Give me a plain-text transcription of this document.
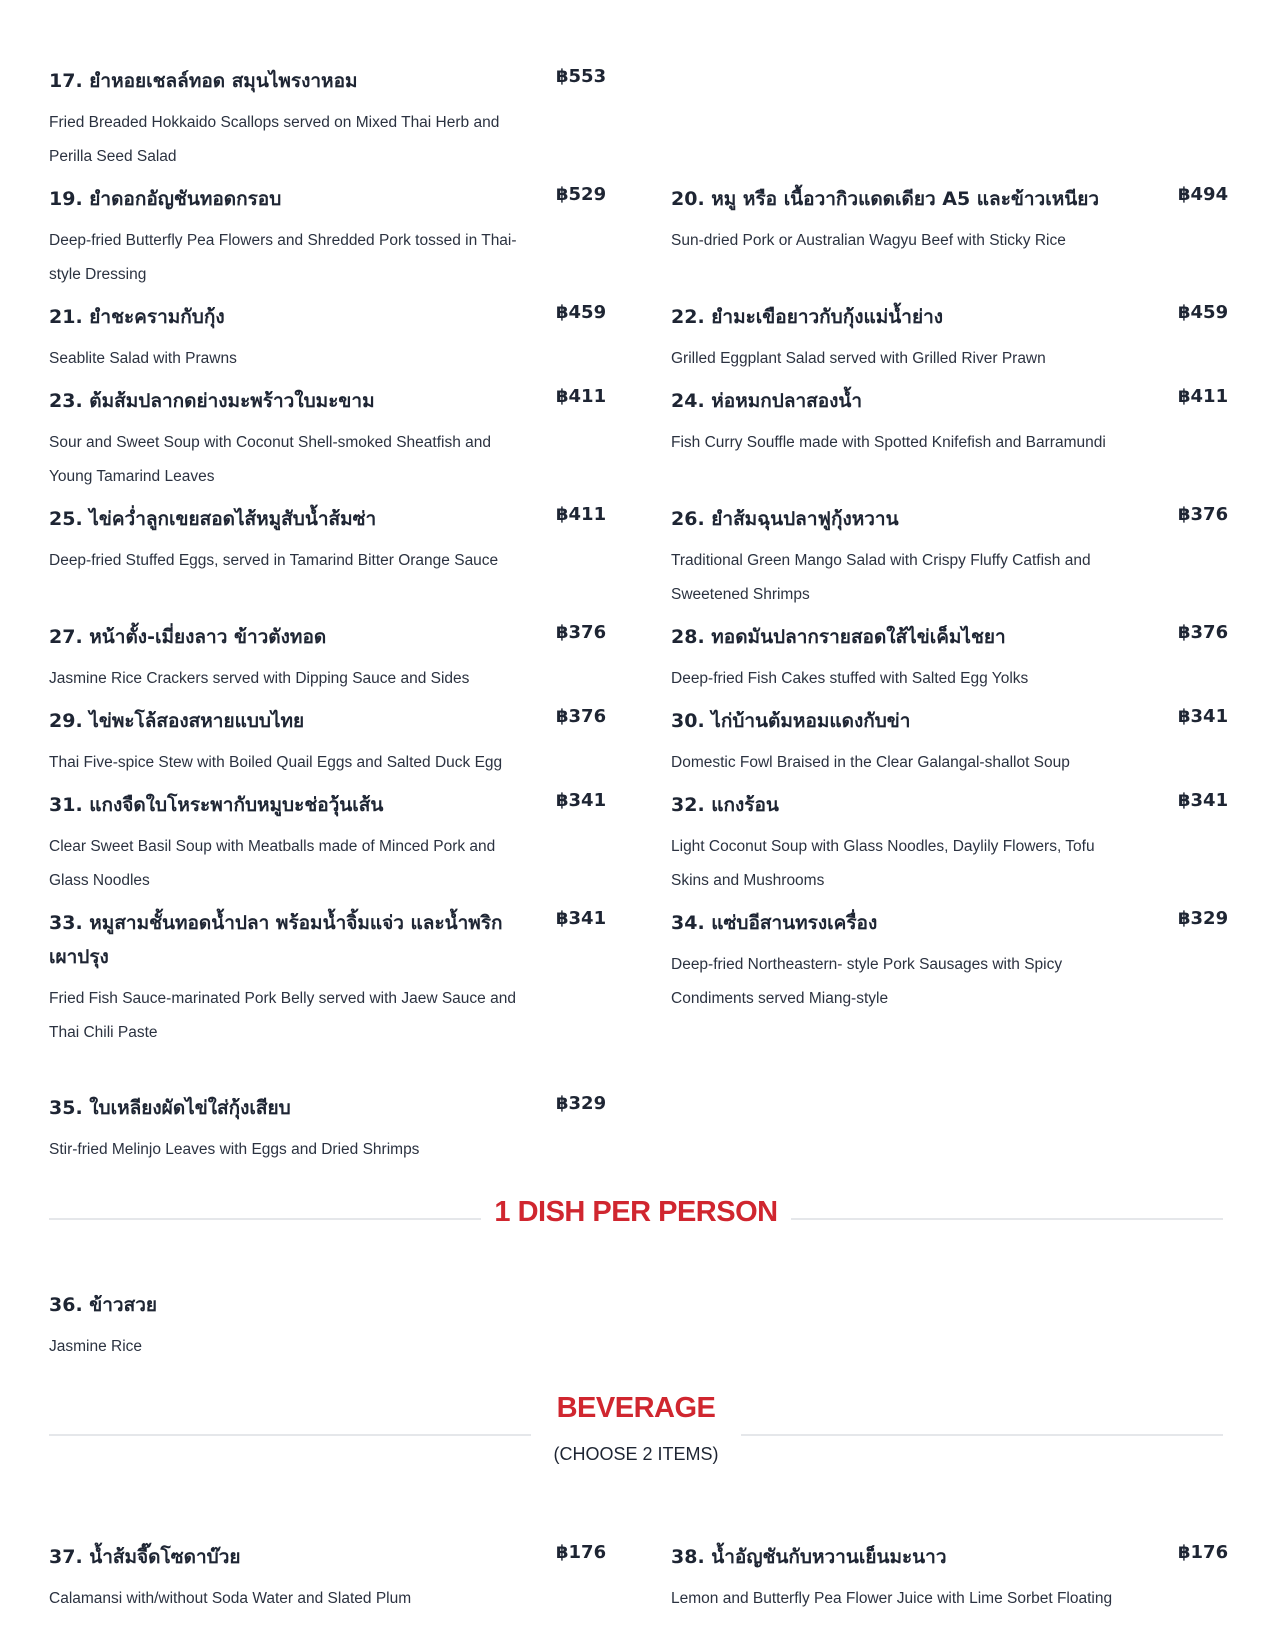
17. ยำหอยเชลล์ทอด สมุนไพรงาหอม	฿553
Fried Breaded Hokkaido Scallops served on Mixed Thai Herb and Perilla Seed Salad
19. ยำดอกอัญชันทอดกรอบ	฿529
Deep-fried Butterfly Pea Flowers and Shredded Pork tossed in Thai-style Dressing
20. หมู หรือ เนื้อวากิวแดดเดียว A5 และข้าวเหนียว	฿494
Sun-dried Pork or Australian Wagyu Beef with Sticky Rice
21. ยำชะครามกับกุ้ง	฿459
Seablite Salad with Prawns
22. ยำมะเขือยาวกับกุ้งแม่น้ำย่าง	฿459
Grilled Eggplant Salad served with Grilled River Prawn
23. ต้มส้มปลากดย่างมะพร้าวใบมะขาม	฿411
Sour and Sweet Soup with Coconut Shell-smoked Sheatfish and Young Tamarind Leaves
24. ห่อหมกปลาสองน้ำ	฿411
Fish Curry Souffle made with Spotted Knifefish and Barramundi
25. ไข่คว่ำลูกเขยสอดไส้หมูสับน้ำส้มซ่า	฿411
Deep-fried Stuffed Eggs, served in Tamarind Bitter Orange Sauce
26. ยำส้มฉุนปลาฟูกุ้งหวาน	฿376
Traditional Green Mango Salad with Crispy Fluffy Catfish and Sweetened Shrimps
27. หน้าตั้ง-เมี่ยงลาว ข้าวตังทอด	฿376
Jasmine Rice Crackers served with Dipping Sauce and Sides
28. ทอดมันปลากรายสอดใส้ไข่เค็มไชยา	฿376
Deep-fried Fish Cakes stuffed with Salted Egg Yolks
29. ไข่พะโล้สองสหายแบบไทย	฿376
Thai Five-spice Stew with Boiled Quail Eggs and Salted Duck Egg
30. ไก่บ้านต้มหอมแดงกับข่า	฿341
Domestic Fowl Braised in the Clear Galangal-shallot Soup
31. แกงจืดใบโหระพากับหมูบะช่อวุ้นเส้น	฿341
Clear Sweet Basil Soup with Meatballs made of Minced Pork and Glass Noodles
32. แกงร้อน	฿341
Light Coconut Soup with Glass Noodles, Daylily Flowers, Tofu Skins and Mushrooms
33. หมูสามชั้นทอดน้ำปลา พร้อมน้ำจิ้มแจ่ว และน้ำพริกเผาปรุง
฿341
Fried Fish Sauce-marinated Pork Belly served with Jaew Sauce and Thai Chili Paste
34. แซ่บอีสานทรงเครื่อง	฿329
Deep-fried Northeastern- style Pork Sausages with Spicy Condiments served Miang-style
35. ใบเหลียงผัดไข่ใส่กุ้งเสียบ	฿329
Stir-fried Melinjo Leaves with Eggs and Dried Shrimps
1 DISH PER PERSON
36. ข้าวสวย
Jasmine Rice
BEVERAGE
(CHOOSE 2 ITEMS)
37. น้ำส้มจี๊ดโซดาบ๊วย	฿176
Calamansi with/without Soda Water and Slated Plum
38. น้ำอัญชันกับหวานเย็นมะนาว	฿176
Lemon and Butterfly Pea Flower Juice with Lime Sorbet Floating
